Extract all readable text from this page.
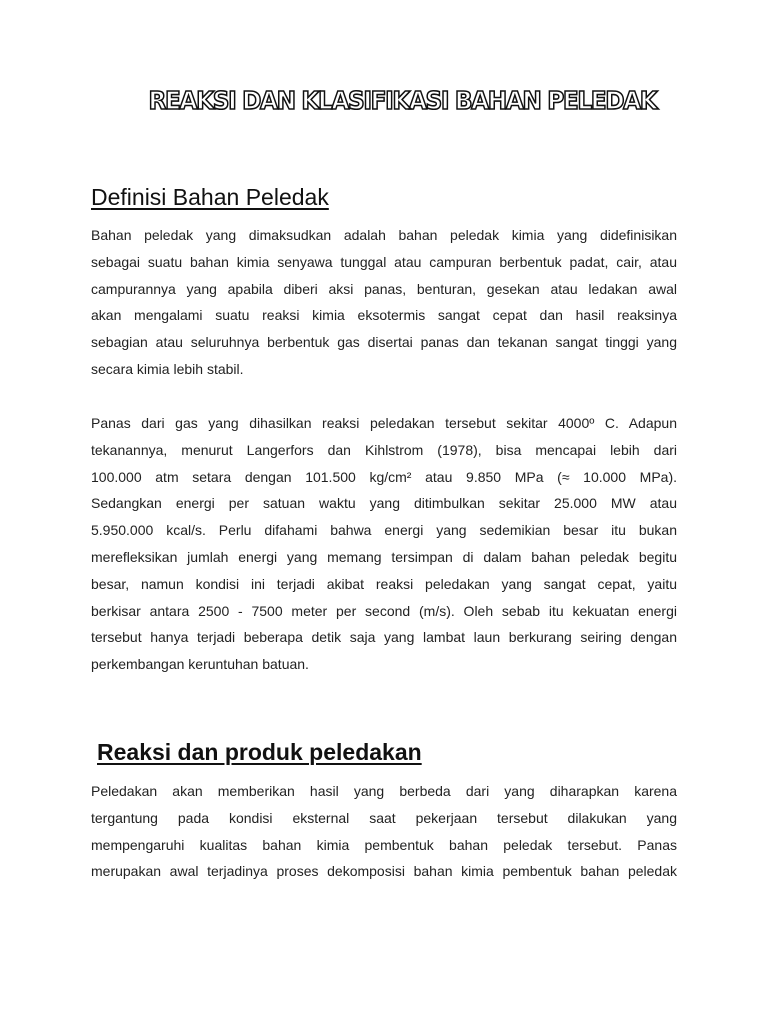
REAKSI DAN KLASIFIKASI BAHAN PELEDAK
Definisi Bahan Peledak
Bahan peledak yang dimaksudkan adalah bahan peledak kimia yang didefinisikan
sebagai suatu bahan kimia senyawa tunggal atau campuran berbentuk padat, cair, atau
campurannya yang apabila diberi aksi panas, benturan, gesekan atau ledakan awal
akan mengalami suatu reaksi kimia eksotermis sangat cepat dan hasil reaksinya
sebagian atau seluruhnya berbentuk gas disertai panas dan tekanan sangat tinggi yang
secara kimia lebih stabil.
Panas dari gas yang dihasilkan reaksi peledakan tersebut sekitar 4000º C. Adapun
tekanannya, menurut Langerfors dan Kihlstrom (1978), bisa mencapai lebih dari
100.000 atm setara dengan 101.500 kg/cm² atau 9.850 MPa (≈ 10.000 MPa).
Sedangkan energi per satuan waktu yang ditimbulkan sekitar 25.000 MW atau
5.950.000 kcal/s. Perlu difahami bahwa energi yang sedemikian besar itu bukan
merefleksikan jumlah energi yang memang tersimpan di dalam bahan peledak begitu
besar, namun kondisi ini terjadi akibat reaksi peledakan yang sangat cepat, yaitu
berkisar antara 2500 - 7500 meter per second (m/s). Oleh sebab itu kekuatan energi
tersebut hanya terjadi beberapa detik saja yang lambat laun berkurang seiring dengan
perkembangan keruntuhan batuan.
Reaksi dan produk peledakan
Peledakan akan memberikan hasil yang berbeda dari yang diharapkan karena
tergantung pada kondisi eksternal saat pekerjaan tersebut dilakukan yang
mempengaruhi kualitas bahan kimia pembentuk bahan peledak tersebut. Panas
merupakan awal terjadinya proses dekomposisi bahan kimia pembentuk bahan peledak
